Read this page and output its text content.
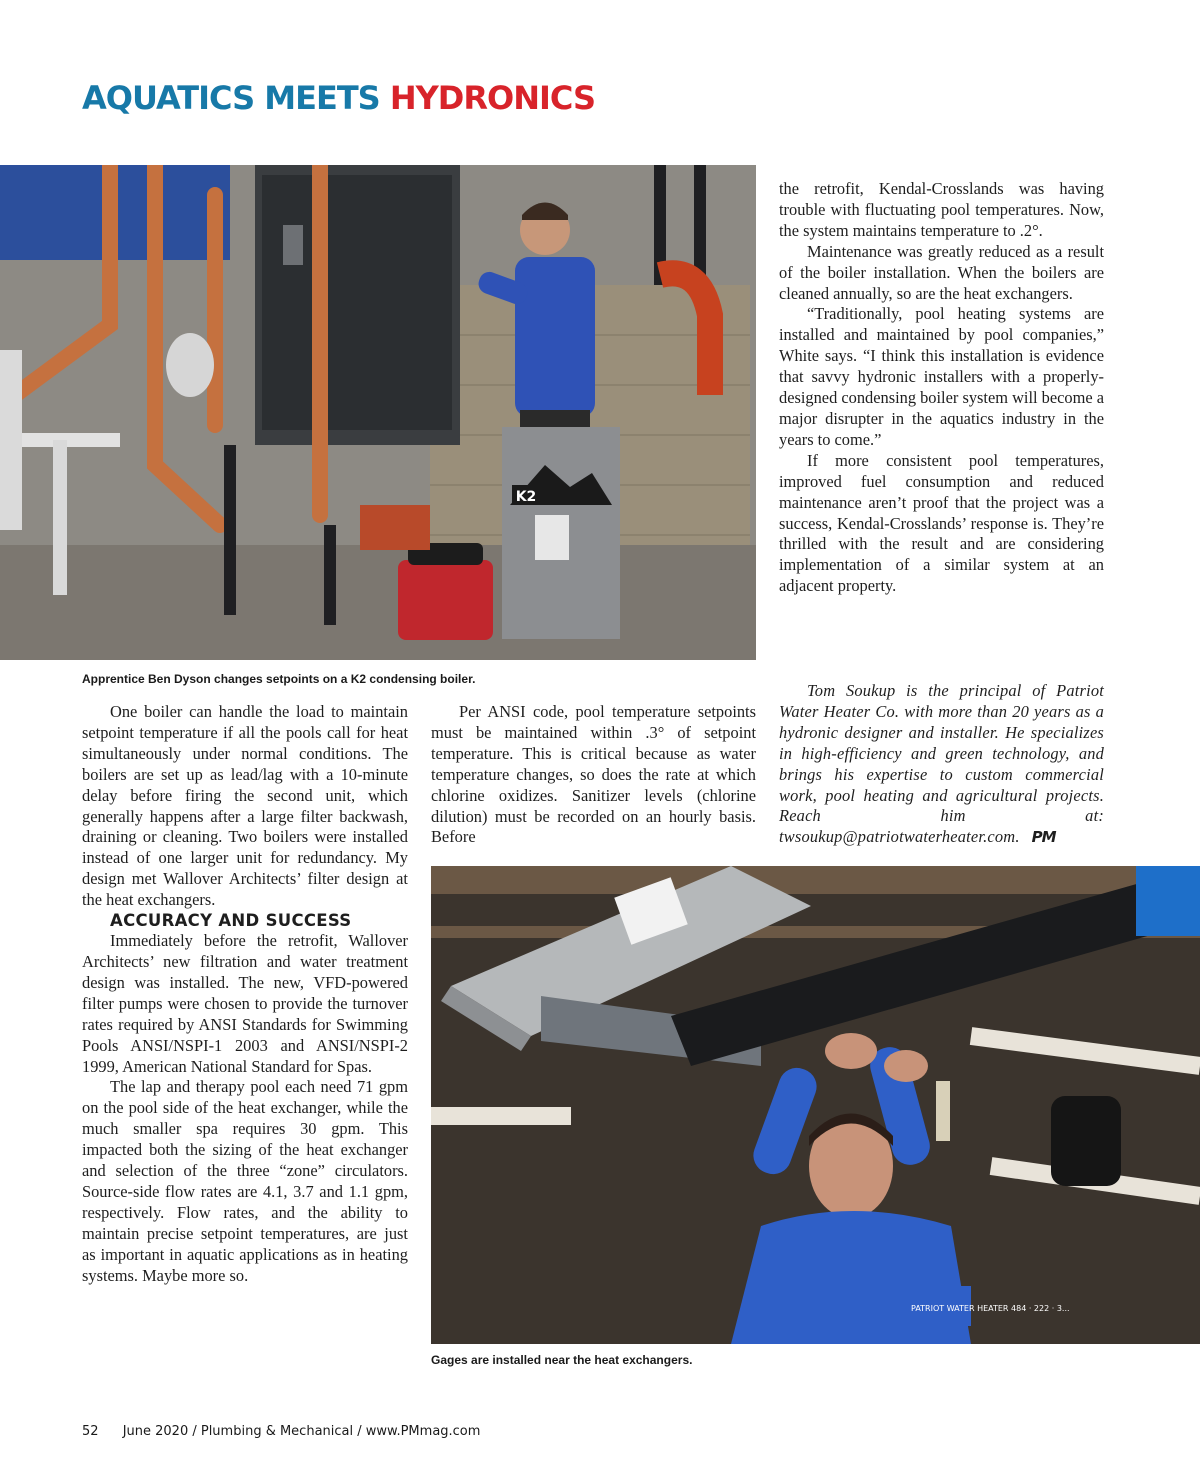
AQUATICS MEETS HYDRONICS
K2
Apprentice Ben Dyson changes setpoints on a K2 condensing boiler.

the retrofit, Kendal-Crosslands was having trouble with fluctuating pool temperatures. Now, the system maintains temperature to .2°.

Maintenance was greatly reduced as a result of the boiler installation. When the boilers are cleaned annually, so are the heat exchangers.

“Traditionally, pool heating systems are installed and maintained by pool companies,” White says. “I think this installation is evidence that savvy hydronic installers with a properly-designed condensing boiler system will become a major disrupter in the aquatics industry in the years to come.”

If more consistent pool temperatures, improved fuel consumption and reduced maintenance aren’t proof that the project was a success, Kendal-Crosslands’ response is. They’re thrilled with the result and are considering implementation of a similar system at an adjacent property.

Tom Soukup is the principal of Patriot Water Heater Co. with more than 20 years as a hydronic designer and installer. He specializes in high-efficiency and green technology, and brings his expertise to custom commercial work, pool heating and agricultural projects. Reach him at: twsoukup@patriotwaterheater.com. PM

One boiler can handle the load to maintain setpoint temperature if all the pools call for heat simultaneously under normal conditions. The boilers are set up as lead/lag with a 10-minute delay before firing the second unit, which generally happens after a large filter backwash, draining or cleaning. Two boilers were installed instead of one larger unit for redundancy. My design met Wallover Architects’ filter design at the heat exchangers.

ACCURACY AND SUCCESS

Immediately before the retrofit, Wallover Architects’ new filtration and water treatment design was installed. The new, VFD-powered filter pumps were chosen to provide the turnover rates required by ANSI Standards for Swimming Pools ANSI/NSPI-1 2003 and ANSI/NSPI-2 1999, American National Standard for Spas.

The lap and therapy pool each need 71 gpm on the pool side of the heat exchanger, while the much smaller spa requires 30 gpm. This impacted both the sizing of the heat exchanger and selection of the three “zone” circulators. Source-side flow rates are 4.1, 3.7 and 1.1 gpm, respectively. Flow rates, and the ability to maintain precise setpoint temperatures, are just as important in aquatic applications as in heating systems. Maybe more so.

Per ANSI code, pool temperature setpoints must be maintained within .3° of setpoint temperature. This is critical because as water temperature changes, so does the rate at which chlorine oxidizes. Sanitizer levels (chlorine dilution) must be recorded on an hourly basis. Before

PATRIOT WATER HEATER 484 · 222 · 3...
Gages are installed near the heat exchangers.
52 June 2020 / Plumbing & Mechanical / www.PMmag.com
